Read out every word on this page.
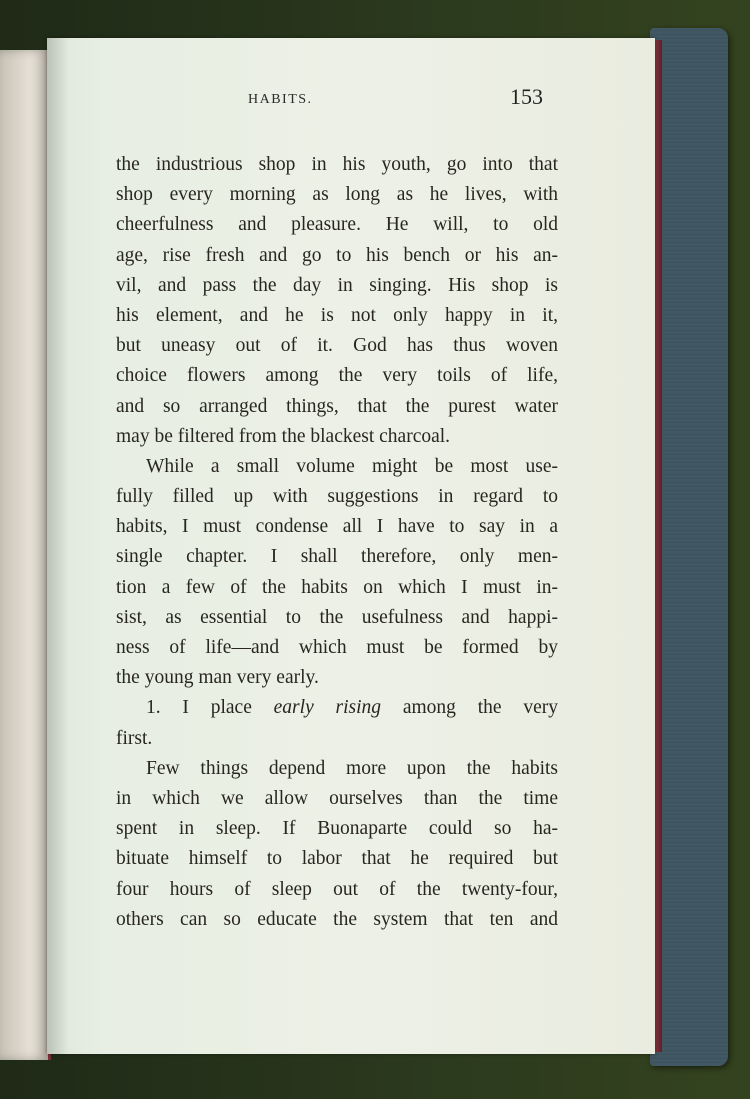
HABITS.	153
the industrious shop in his youth, go into that
shop every morning as long as he lives, with
cheerfulness and pleasure. He will, to old
age, rise fresh and go to his bench or his an-
vil, and pass the day in singing. His shop is
his element, and he is not only happy in it,
but uneasy out of it. God has thus woven
choice flowers among the very toils of life,
and so arranged things, that the purest water
may be filtered from the blackest charcoal.
While a small volume might be most use-
fully filled up with suggestions in regard to
habits, I must condense all I have to say in a
single chapter. I shall therefore, only men-
tion a few of the habits on which I must in-
sist, as essential to the usefulness and happi-
ness of life—and which must be formed by
the young man very early.
1. I place early rising among the very
first.
Few things depend more upon the habits
in which we allow ourselves than the time
spent in sleep. If Buonaparte could so ha-
bituate himself to labor that he required but
four hours of sleep out of the twenty-four,
others can so educate the system that ten and
